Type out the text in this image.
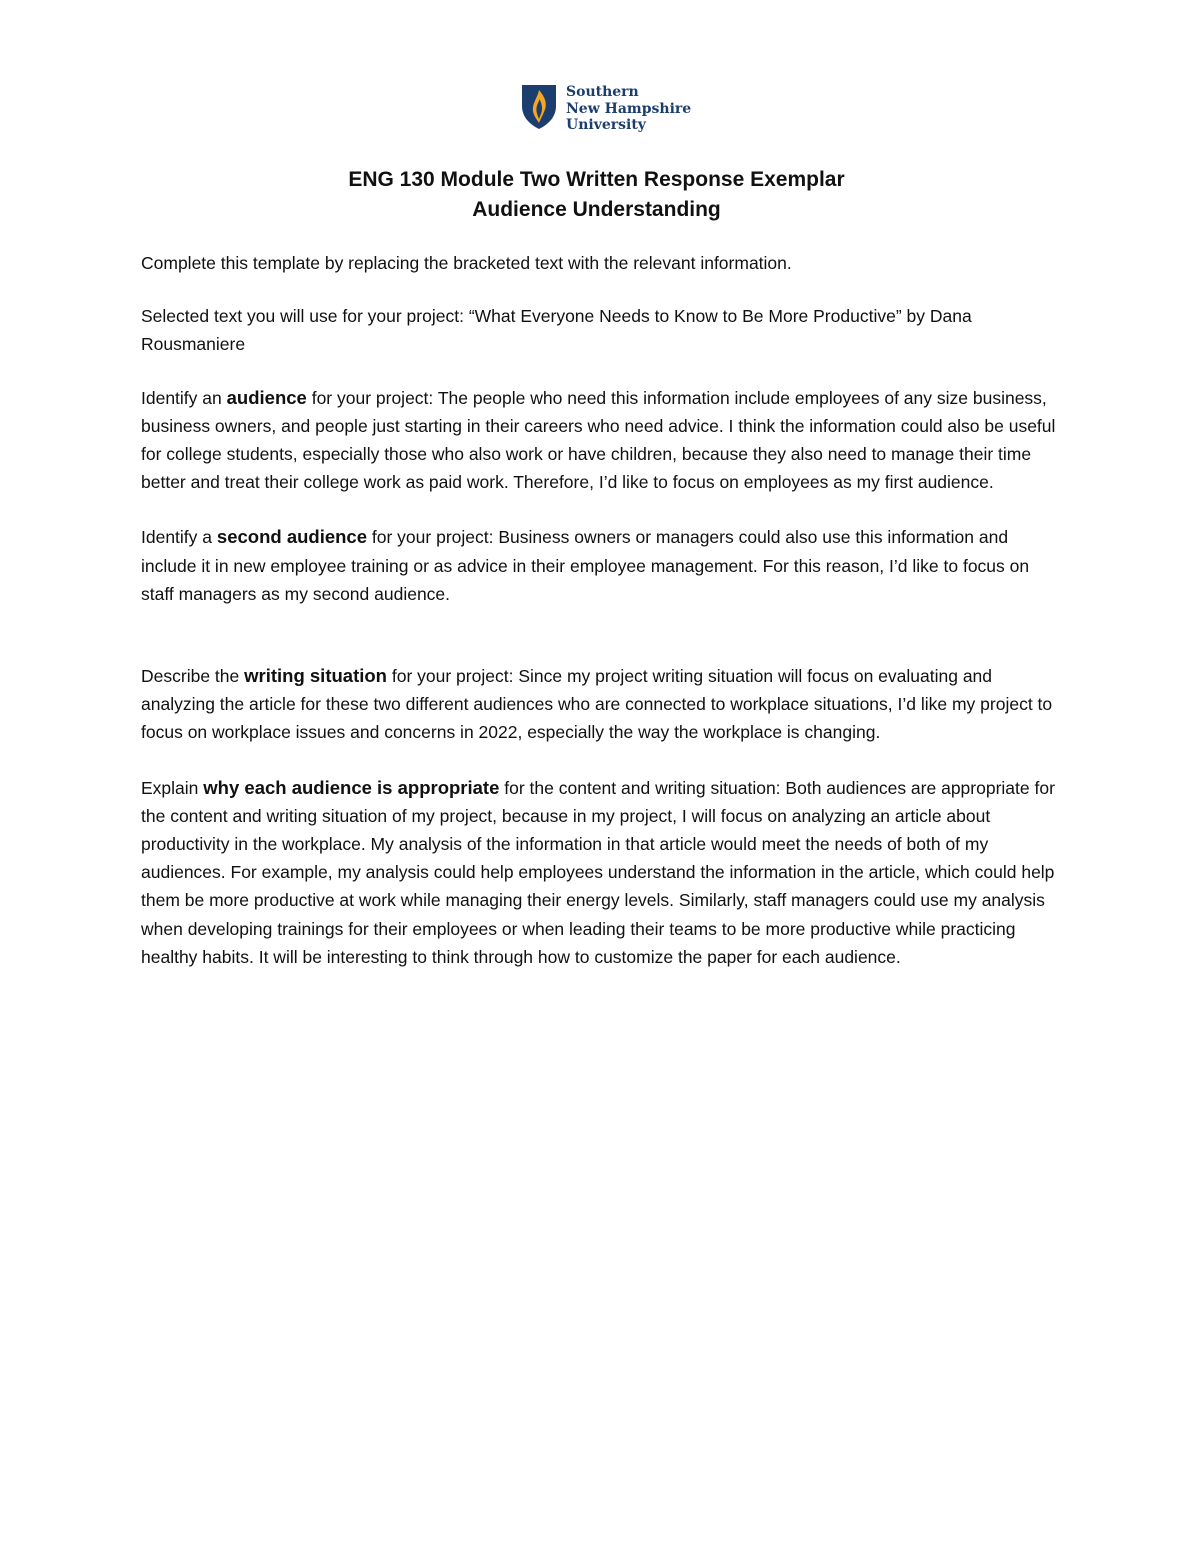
Southern
New Hampshire
University
ENG 130 Module Two Written Response Exemplar
Audience Understanding

Complete this template by replacing the bracketed text with the relevant information.

Selected text you will use for your project: “What Everyone Needs to Know to Be More Productive” by Dana Rousmaniere

Identify an audience for your project: The people who need this information include employees of any size business, business owners, and people just starting in their careers who need advice. I think the information could also be useful for college students, especially those who also work or have children, because they also need to manage their time better and treat their college work as paid work. Therefore, I’d like to focus on employees as my first audience.

Identify a second audience for your project: Business owners or managers could also use this information and include it in new employee training or as advice in their employee management. For this reason, I’d like to focus on staff managers as my second audience.

Describe the writing situation for your project: Since my project writing situation will focus on evaluating and analyzing the article for these two different audiences who are connected to workplace situations, I’d like my project to focus on workplace issues and concerns in 2022, especially the way the workplace is changing.

Explain why each audience is appropriate for the content and writing situation: Both audiences are appropriate for the content and writing situation of my project, because in my project, I will focus on analyzing an article about productivity in the workplace. My analysis of the information in that article would meet the needs of both of my audiences. For example, my analysis could help employees understand the information in the article, which could help them be more productive at work while managing their energy levels. Similarly, staff managers could use my analysis when developing trainings for their employees or when leading their teams to be more productive while practicing healthy habits. It will be interesting to think through how to customize the paper for each audience.
